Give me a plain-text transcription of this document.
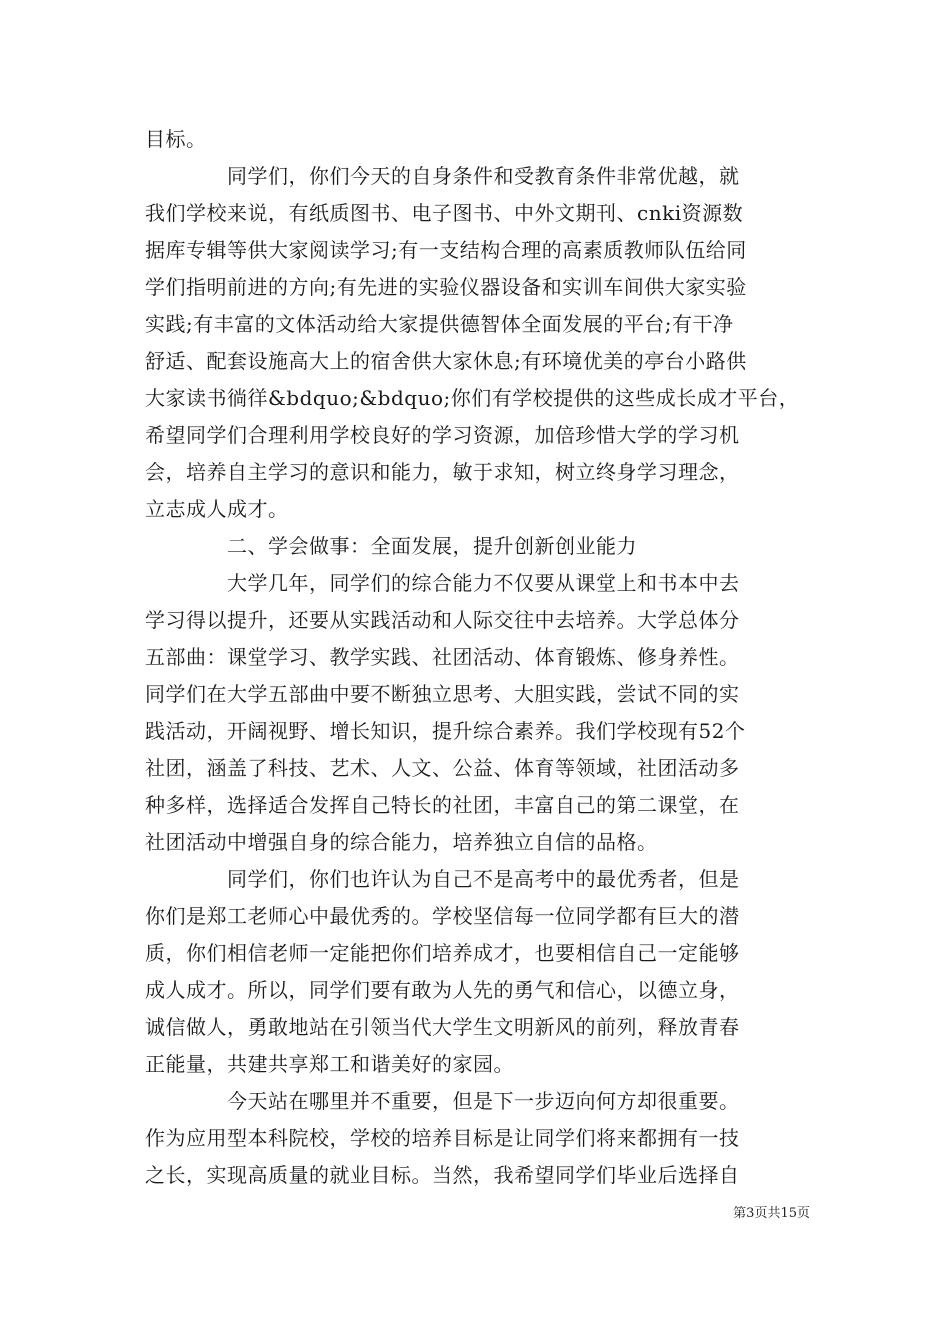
目标。
　　　　同学们，你们今天的自身条件和受教育条件非常优越，就
我们学校来说，有纸质图书、电子图书、中外文期刊、cnki资源数
据库专辑等供大家阅读学习;有一支结构合理的高素质教师队伍给同
学们指明前进的方向;有先进的实验仪器设备和实训车间供大家实验
实践;有丰富的文体活动给大家提供德智体全面发展的平台;有干净
舒适、配套设施高大上的宿舍供大家休息;有环境优美的亭台小路供
大家读书徜徉&bdquo;&bdquo;你们有学校提供的这些成长成才平台，
希望同学们合理利用学校良好的学习资源，加倍珍惜大学的学习机
会，培养自主学习的意识和能力，敏于求知，树立终身学习理念，
立志成人成才。
　　　　二、学会做事：全面发展，提升创新创业能力
　　　　大学几年，同学们的综合能力不仅要从课堂上和书本中去
学习得以提升，还要从实践活动和人际交往中去培养。大学总体分
五部曲：课堂学习、教学实践、社团活动、体育锻炼、修身养性。
同学们在大学五部曲中要不断独立思考、大胆实践，尝试不同的实
践活动，开阔视野、增长知识，提升综合素养。我们学校现有52个
社团，涵盖了科技、艺术、人文、公益、体育等领域，社团活动多
种多样，选择适合发挥自己特长的社团，丰富自己的第二课堂，在
社团活动中增强自身的综合能力，培养独立自信的品格。
　　　　同学们，你们也许认为自己不是高考中的最优秀者，但是
你们是郑工老师心中最优秀的。学校坚信每一位同学都有巨大的潜
质，你们相信老师一定能把你们培养成才，也要相信自己一定能够
成人成才。所以，同学们要有敢为人先的勇气和信心，以德立身，
诚信做人，勇敢地站在引领当代大学生文明新风的前列，释放青春
正能量，共建共享郑工和谐美好的家园。
　　　　今天站在哪里并不重要，但是下一步迈向何方却很重要。
作为应用型本科院校，学校的培养目标是让同学们将来都拥有一技
之长，实现高质量的就业目标。当然，我希望同学们毕业后选择自
第3页共15页
